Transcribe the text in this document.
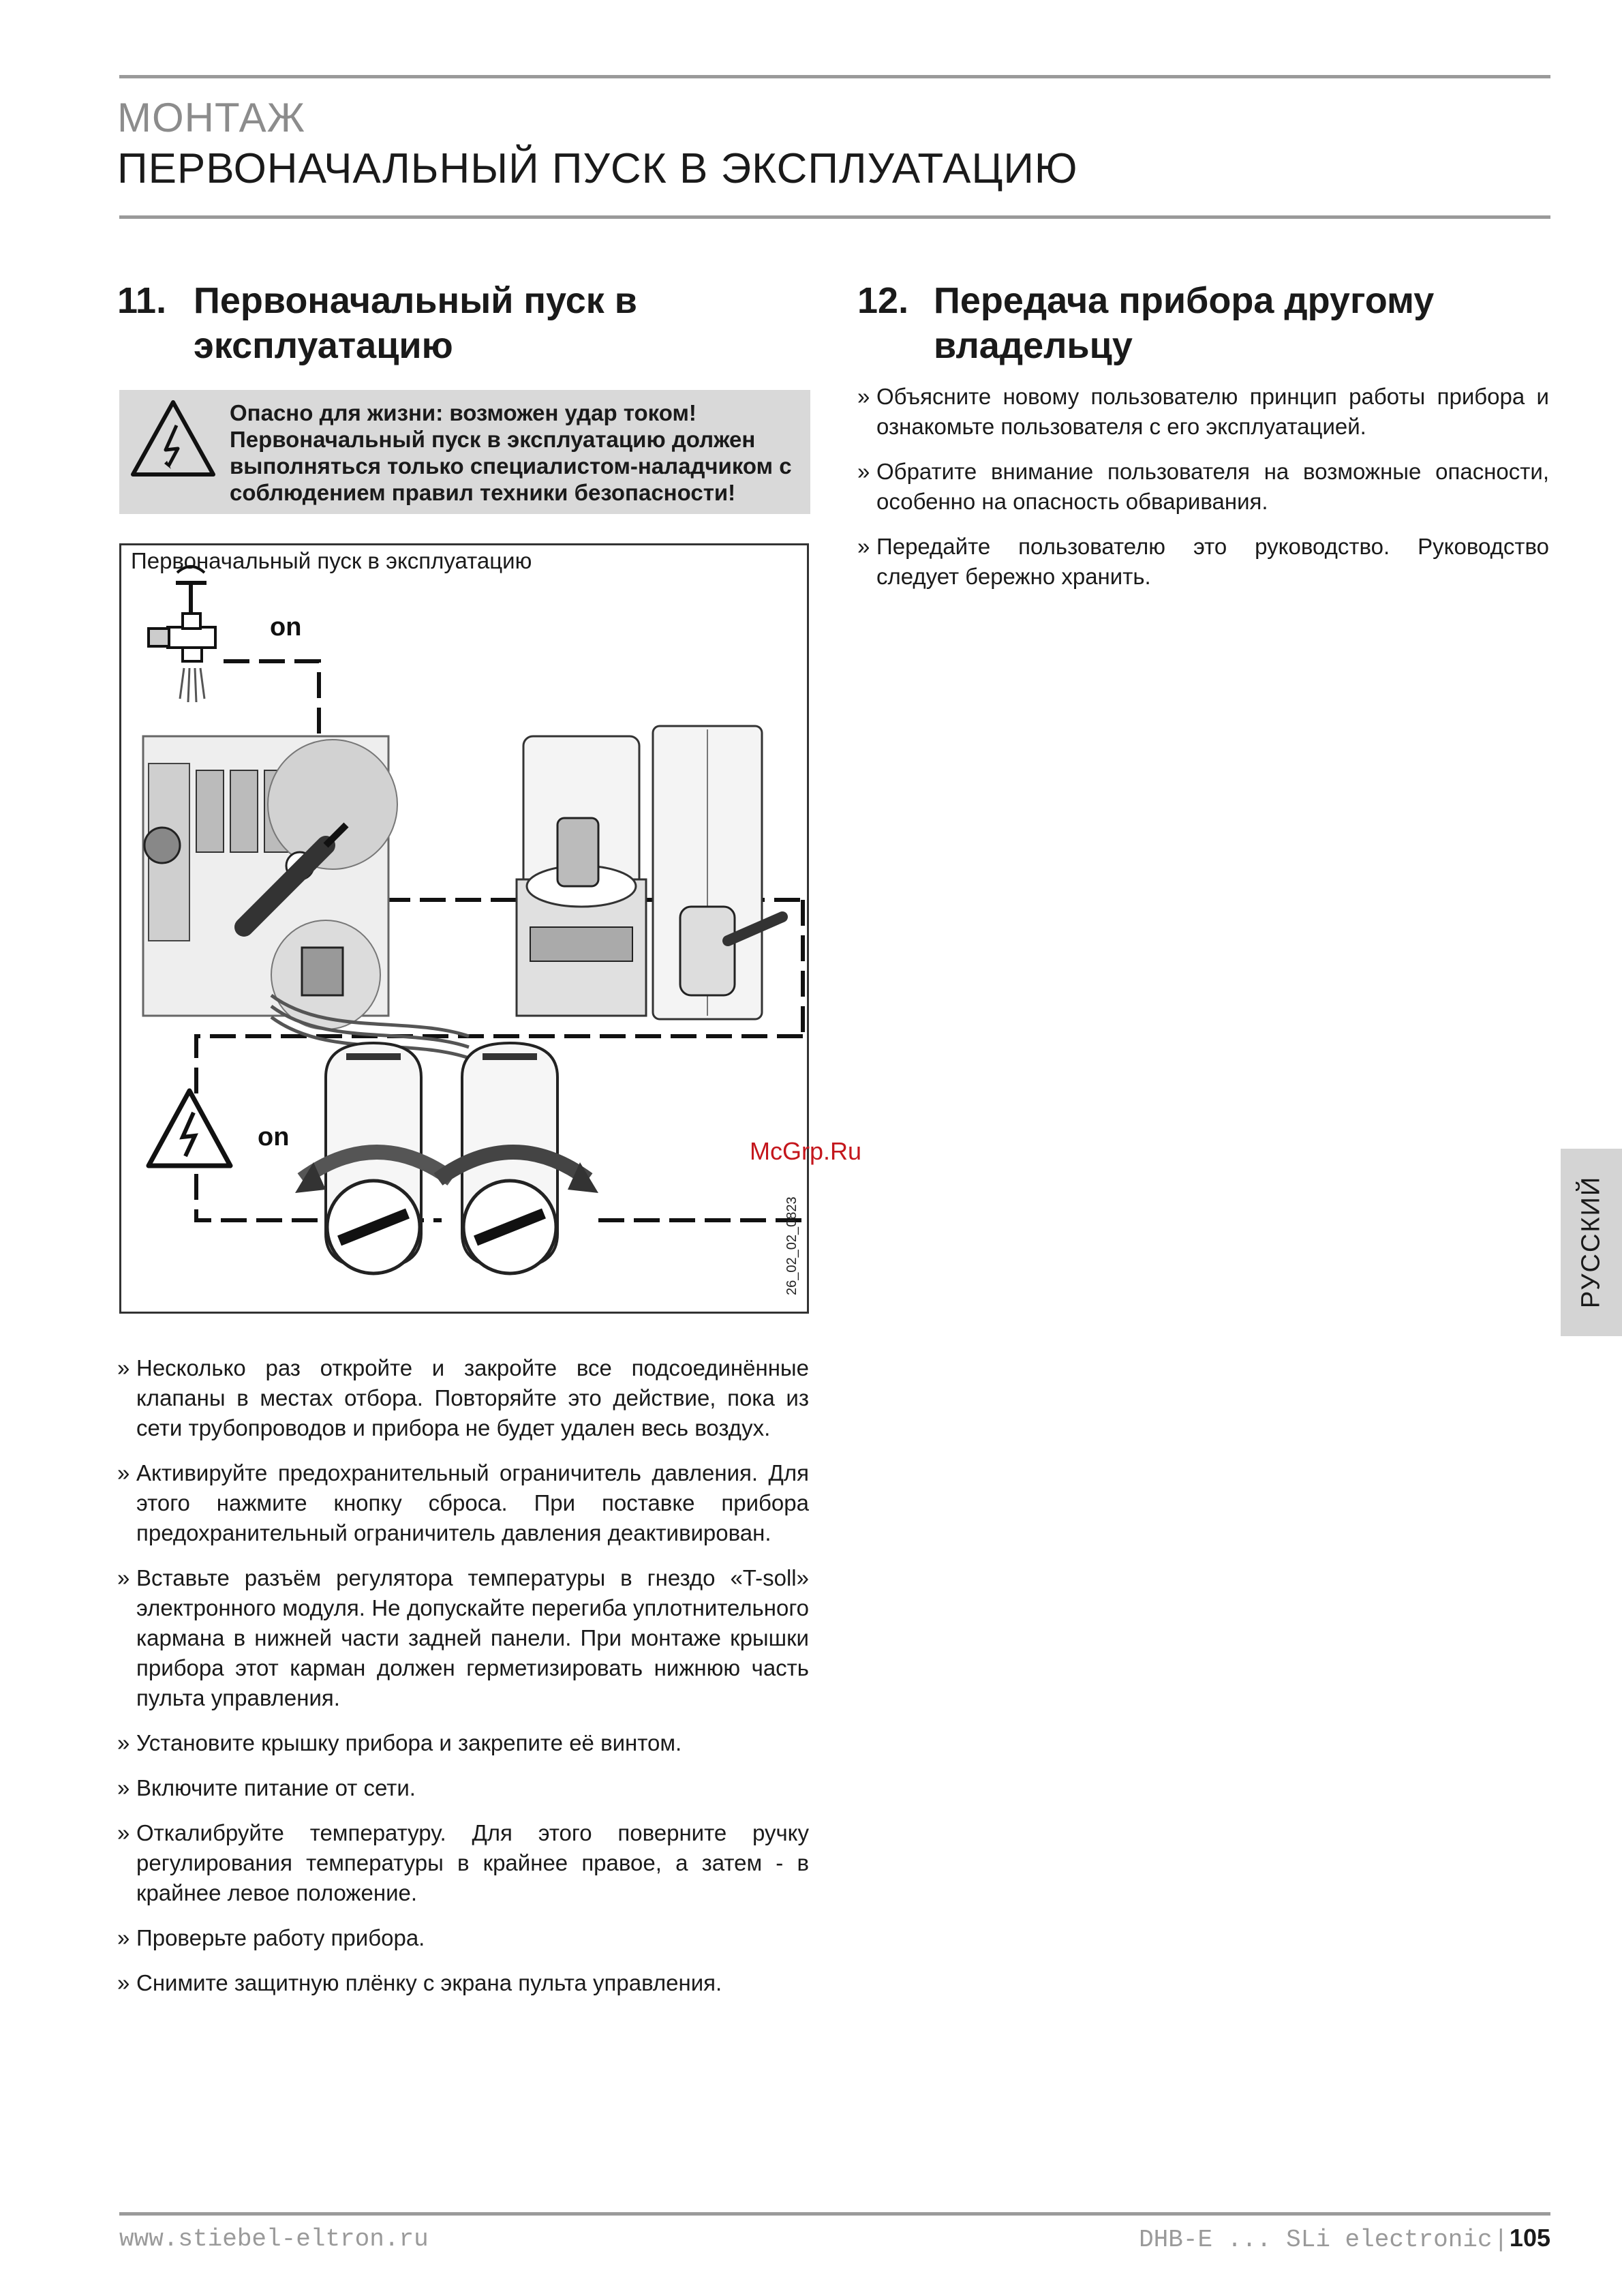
МОНТАЖ
ПЕРВОНАЧАЛЬНЫЙ ПУСК В ЭКСПЛУАТАЦИЮ
11. Первоначальный пуск в
эксплуатацию
Опасно для жизни: возможен удар током!
Первоначальный пуск в эксплуатацию должен
выполняться только специалистом-наладчиком с
соблюдением правил техники безопасности!
Первоначальный пуск в эксплуатацию
on
on
26_02_02_0823
» Несколько раз откройте и закройте все подсоединённые клапаны в местах отбора. Повторяйте это действие, пока из сети трубопроводов и прибора не будет удален весь воздух.
» Активируйте предохранительный ограничитель давления. Для этого нажмите кнопку сброса. При поставке прибора предохранительный ограничитель давления деактивирован.
» Вставьте разъём регулятора температуры в гнездо «T-soll» электронного модуля. Не допускайте перегиба уплотнительного кармана в нижней части задней панели. При монтаже крышки прибора этот карман должен герметизировать нижнюю часть пульта управления.
» Установите крышку прибора и закрепите её винтом.
» Включите питание от сети.
» Откалибруйте температуру. Для этого поверните ручку регулирования температуры в крайнее правое, а затем - в крайнее левое положение.
» Проверьте работу прибора.
» Снимите защитную плёнку с экрана пульта управления.
12. Передача прибора другому
владельцу
» Объясните новому пользователю принцип работы прибора и ознакомьте пользователя с его эксплуатацией.
» Обратите внимание пользователя на возможные опасности, особенно на опасность обваривания.
» Передайте пользователю это руководство. Руководство следует бережно хранить.
McGrp.Ru
РУССКИЙ
www.stiebel-eltron.ru	DHB-E ... SLi electronic | 105
